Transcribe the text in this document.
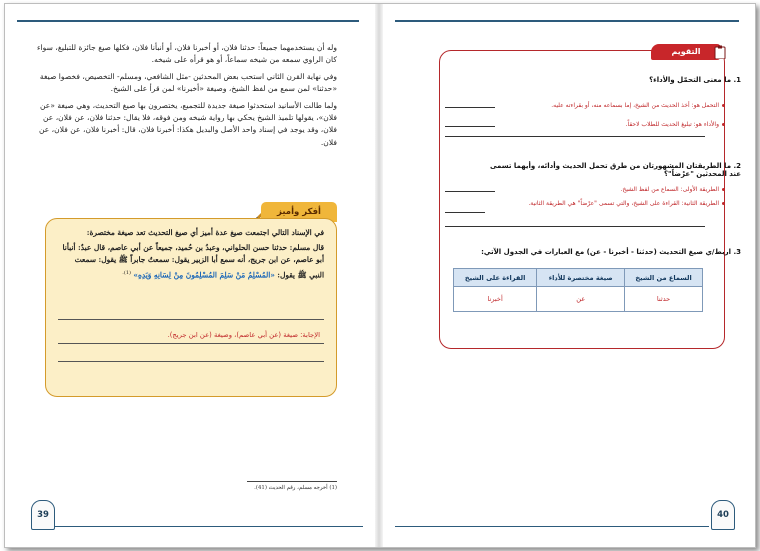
وله أن يستخدمهما جميعاً: حدثنا فلان، أو أخبرنا فلان، أو أنبأنا فلان، فكلها صيغ جائزة للتبليغ، سواء كان الراوي سمعه من شيخه سماعاً، أو هو قرأه على شيخه.

وفي نهاية القرن الثاني استحب بعض المحدثين -مثل الشافعي، ومسلم- التخصيص، فخصوا صيغة «حدثنا» لمن سمع من لفظ الشيخ، وصيغة «أخبرنا» لمن قرأ على الشيخ.

ولما طالت الأسانيد استحدثوا صيغة جديدة للتجميع، يختصرون بها صيغ التحديث، وهي صيغة «عن فلان»، يقولها تلميذ الشيخ يحكي بها رواية شيخه ومن فوقه، فلا يقال: حدثنا فلان، عن فلان، عن فلان، وقد يوجد في إسناد واحد الأصل والبديل هكذا: أخبرنا فلان، قال: أخبرنا فلان، عن فلان، عن فلان.

أفكر وأميز
في الإسناد التالي اجتمعت صيغ عدة أميز أي صيغ التحديث تعد صيغة مختصرة:
قال مسلم: حدثنا حسن الحلواني، وعبدُ بن حُميد، جميعاً عن أبي عاصم، قال عبدٌ: أنبأنا أبو عاصم، عن ابن جريج، أنه سمع أبا الزبير يقول: سمعتُ جابراً ﷺ يقول: سمعت النبي ﷺ يقول: «المُسْلِمُ مَنْ سَلِمَ المُسْلِمُونَ مِنْ لِسَانِهِ وَيَدِهِ» $^{(1).}$
الإجابة: صيغة (عن أبي عاصم)، وصيغة (عن ابن جريج).
(1) أخرجه مسلم، رقم الحديث (41).
39
التقويم
1. ما معنى التحمّل والأداء؟
التحمل هو: أخذ الحديث من الشيخ، إما بسماعه منه، أو بقراءته عليه.
والأداء هو: تبليغ الحديث للطلاب لاحقاً.
2. ما الطريقتان المشهورتان من طرق تحمل الحديث وأدائه، وأيهما تسمى عند المحدثين "عرْضاً"؟
الطريقة الأولى: السماع من لفظ الشيخ.
الطريقة الثانية: القراءة على الشيخ، والتي تسمى "عرْضاً" هي الطريقة الثانية.
3. اربط/ي صيغ التحديث (حدثنا - أخبرنا - عن) مع العبارات في الجدول الآتي:
السماع من الشيخ	صيغة مختصرة للأداء	القراءة على الشيخ
حدثنا	عن	أخبرنا
40
